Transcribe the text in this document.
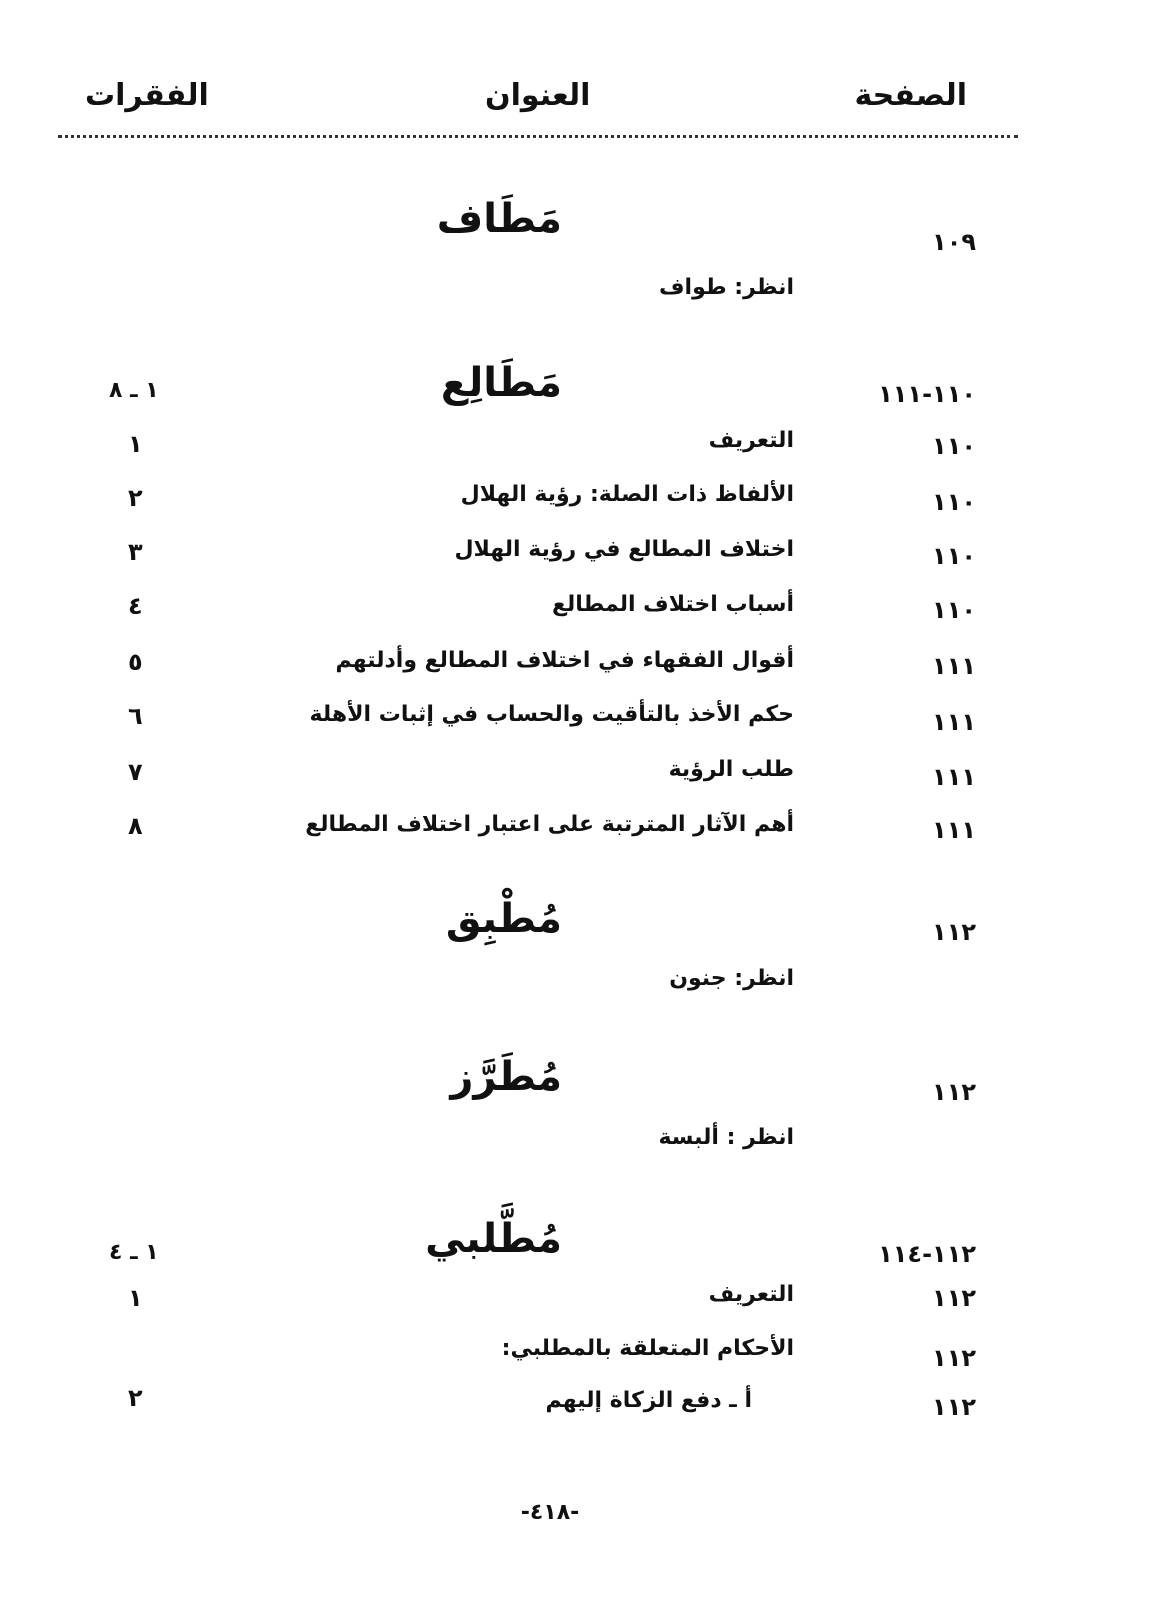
الصفحة
العنوان
الفقرات
١٠٩
مَطَاف
انظر: طواف
١١٠-١١١
مَطَالِع
١ ـ ٨
١١٠
التعريف
١
١١٠
الألفاظ ذات الصلة: رؤية الهلال
٢
١١٠
اختلاف المطالع في رؤية الهلال
٣
١١٠
أسباب اختلاف المطالع
٤
١١١
أقوال الفقهاء في اختلاف المطالع وأدلتهم
٥
١١١
حكم الأخذ بالتأقيت والحساب في إثبات الأهلة
٦
١١١
طلب الرؤية
٧
١١١
أهم الآثار المترتبة على اعتبار اختلاف المطالع
٨
١١٢
مُطْبِق
انظر: جنون
١١٢
مُطَرَّز
انظر : ألبسة
١١٢-١١٤
مُطَّلبي
١ ـ ٤
١١٢
التعريف
١
١١٢
الأحكام المتعلقة بالمطلبي:
١١٢
أ ـ دفع الزكاة إليهم
٢
-٤١٨-
